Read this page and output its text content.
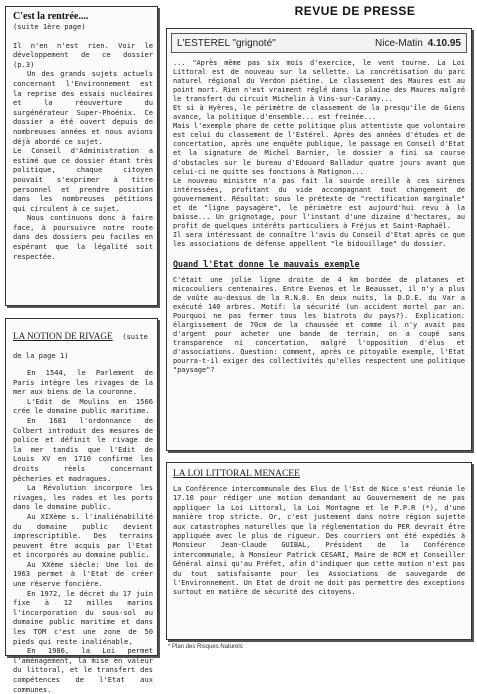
REVUE DE PRESSE
C'est la rentrée....
(suite 1ère page)

Il n'en n'est rien. Voir le développement de ce dossier (p.3)

Un des grands sujets actuels concernant l'Environnement est la reprise des essais nucléaires et la réouverture du surgénérateur Super-Phoénix. Ce dossier a été ouvert depuis de nombreuses années et nous avions déjà abordé ce sujet.

Le Conseil d'Administration a estimé que ce dossier étant très politique, chaque citoyen pouvait s'exprimer à titre personnel et prendre position dans les nombreuses pétitions qui circulent à ce sujet.

Nous continuons donc à faire face, à poursuivre notre route dans des dossiers peu faciles en espérant que la légalité soit respectée.

LA NOTION DE RIVAGE (suite de la page 1)

En 1544, le Parlement de Paris intègre les rivages de la mer aux biens de la couronne.

L'Edit de Moulins en 1566 crée le domaine public maritime.

En 1681 l'ordonnance de Colbert introduit des mesures de police et définit le rivage de la mer tandis que l'Edit de Louis XV en 1710 confirme les droits réels concernant pêcheries et madragues.

La Révolution incorpore les rivages, les rades et les ports dans le domaine public.

Au XIXème s. l'inaliénabilité du domaine public devient imprescriptible. Des terrains peuvent être acquis par l'Etat et incorporés au domaine public.

Au XXème siècle: Une loi de 1963 permet à l'Etat de créer une réserve foncière.

En 1972, le décret du 17 juin fixe à 12 milles marins l'incorporation du sous-sol au domaine public maritime et dans les TOM c'est une zone de 50 pieds qui reste inaliénable.

En 1986, la Loi permet l'aménagement, la mise en valeur du littoral, et le transfert des compétences de l'Etat aux communes.

L'ESTEREL "grignoté"	Nice-Matin 4.10.95

... "Après même pas six mois d'exercice, le vent tourne. La Loi Littoral est de nouveau sur la sellette. La concrétisation du parc naturel régional du Verdon piétine. Le classement des Maures est au point mort. Rien n'est vraiment réglé dans la plaine des Maures malgré le transfert du circuit Michelin à Vins-sur-Caramy...

Et si à Hyères, le périmètre de classement de la presqu'île de Giens avance, la politique d'ensemble... est freinée...

Mais l'exemple phare de cette politique plus attentiste que volontaire est celui du classement de l'Estérel. Après des années d'études et de concertation, après une enquête publique, le passage en Conseil d'Etat et la signature de Michel Barnier, le dossier a fini sa course d'obstacles sur le bureau d'Edouard Balladur quatre jours avant que celui-ci ne quitte ses fonctions à Matignon...

Le nouveau ministre n'a pas fait la sourde oreille à ces sirènes intéressées, profitant du vide accompagnant tout changement de gouvernement. Résultat: sous le prétexte de "rectification marginale" et de "ligne paysagère", le périmètre est aujourd'hui revu à la baisse... Un grignotage, pour l'instant d'une dizaine d'hectares, au profit de quelques intérêts particuliers à Fréjus et Saint-Raphaël.

Il sera intéressant de connaître l'avis du Conseil d'Etat après ce que les associations de défense appellent "le bidouillage" du dossier.

Quand l'Etat donne le mauvais exemple
C'était une jolie ligne droite de 4 km bordée de platanes et micocouliers centenaires. Entre Evenos et le Beausset, il n'y a plus de voûte au-dessus de la R.N.8. En deux nuits, la D.D.E. du Var a exécuté 140 arbres. Motif: la sécurité (un accident mortel par an. Pourquoi ne pas fermer tous les bistrots du pays?). Explication: élargissement de 70cm de la chaussée et comme il n'y avait pas d'argent pour acheter une bande de terrain, on a coupé sans transparence ni concertation, malgré l'opposition d'élus et d'associations. Question: comment, après ce pitoyable exemple, l'Etat pourra-t-il exiger des collectivités qu'elles respectent une politique "paysage"?
LA LOI LITTORAL MENACEE
La Conférence intercommunale des Elus de l'Est de Nice s'est réunie le 17.10 pour rédiger une motion demandant au Gouvernement de ne pas appliquer la Loi Littoral, la Loi Montagne et le P.P.R (*), d'une manière trop stricte. Or, c'est justement dans notre région sujette aux catastrophes naturelles que la réglementation du PER devrait être appliquée avec le plus de rigueur. Des courriers ont été expédiés à Monsieur Jean-Claude GUIBAL, Président de la Conférence intercommunale, à Monsieur Patrick CESARI, Maire de RCM et Conseiller Général ainsi qu'au Préfet, afin d'indiquer que cette motion n'est pas du tout satisfaisante pour les Associations de sauvegarde de l'Environnement. Un Etat de droit ne doit pas permettre des exceptions surtout en matière de sécurité des citoyens.
* Plan des Risques Naturels
